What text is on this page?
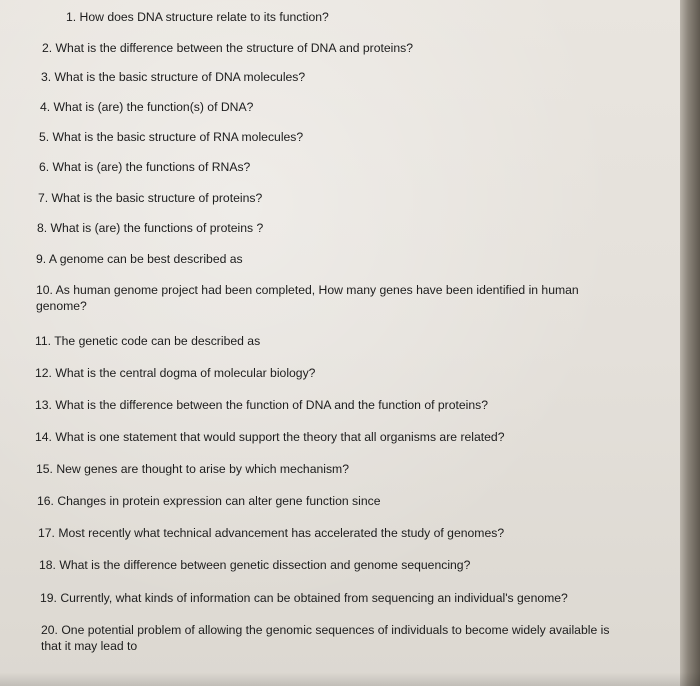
1. How does DNA structure relate to its function?

2. What is the difference between the structure of DNA and proteins?

3. What is the basic structure of DNA molecules?

4. What is (are) the function(s) of DNA?

5. What is the basic structure of RNA molecules?

6. What is (are) the functions of RNAs?

7. What is the basic structure of proteins?

8. What is (are) the functions of proteins ?

9. A genome can be best described as

10. As human genome project had been completed, How many genes have been identified in human genome?

11. The genetic code can be described as

12. What is the central dogma of molecular biology?

13. What is the difference between the function of DNA and the function of proteins?

14. What is one statement that would support the theory that all organisms are related?

15. New genes are thought to arise by which mechanism?

16. Changes in protein expression can alter gene function since

17. Most recently what technical advancement has accelerated the study of genomes?

18. What is the difference between genetic dissection and genome sequencing?

19. Currently, what kinds of information can be obtained from sequencing an individual's genome?

20. One potential problem of allowing the genomic sequences of individuals to become widely available is that it may lead to
